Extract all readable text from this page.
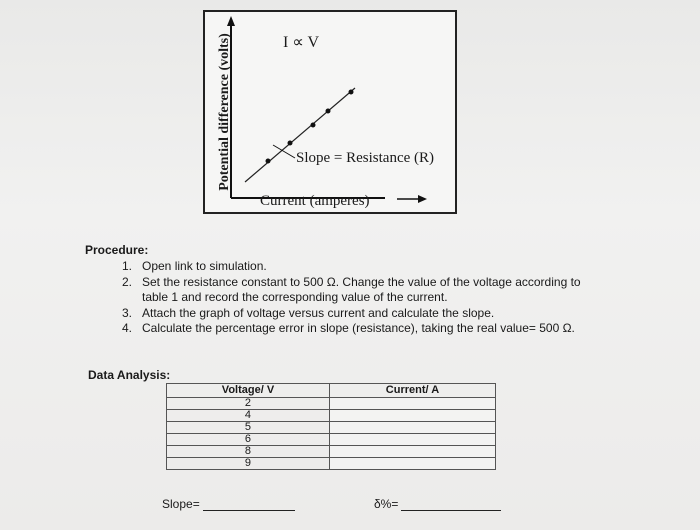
Potential difference (volts)	I ∝ V
Slope = Resistance (R)
Current (amperes)
Procedure:
1. Open link to simulation.
2. Set the resistance constant to 500 Ω. Change the value of the voltage according to table 1 and record the corresponding value of the current.
3. Attach the graph of voltage versus current and calculate the slope.
4. Calculate the percentage error in slope (resistance), taking the real value= 500 Ω.
Data Analysis:
Voltage/ V	Current/ A
2	
4	
5	
6	
8	
9	
Slope=	δ%=
